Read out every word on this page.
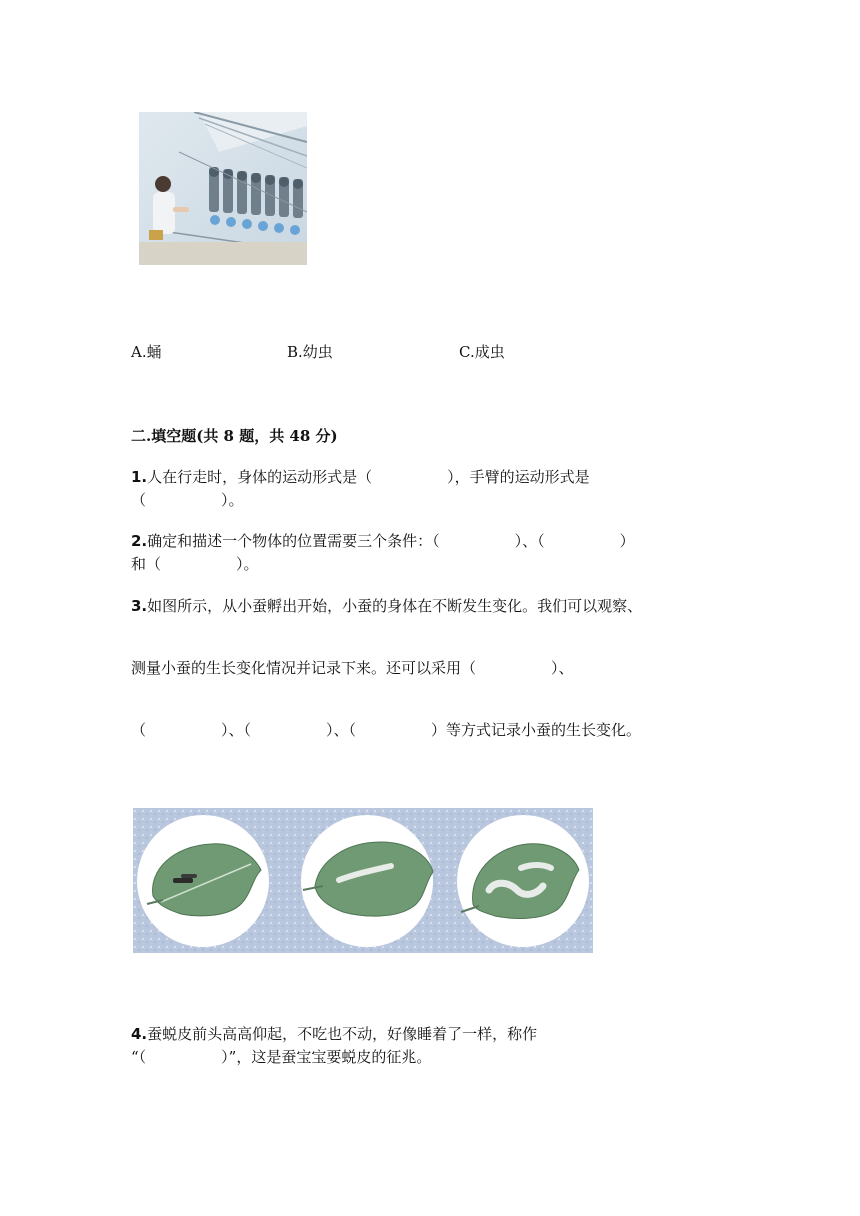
A.蛹	B.幼虫	C.成虫
二.填空题(共 8 题，共 48 分)
1.人在行走时，身体的运动形式是（　　　　　），手臂的运动形式是
（　　　　　）。
2.确定和描述一个物体的位置需要三个条件：（　　　　　）、（　　　　　）
和（　　　　　）。
3.如图所示，从小蚕孵出开始，小蚕的身体在不断发生变化。我们可以观察、
测量小蚕的生长变化情况并记录下来。还可以采用（　　　　　）、
（　　　　　）、（　　　　　）、（　　　　　）等方式记录小蚕的生长变化。
4.蚕蜕皮前头高高仰起，不吃也不动，好像睡着了一样，称作
“（　　　　　）”，这是蚕宝宝要蜕皮的征兆。
